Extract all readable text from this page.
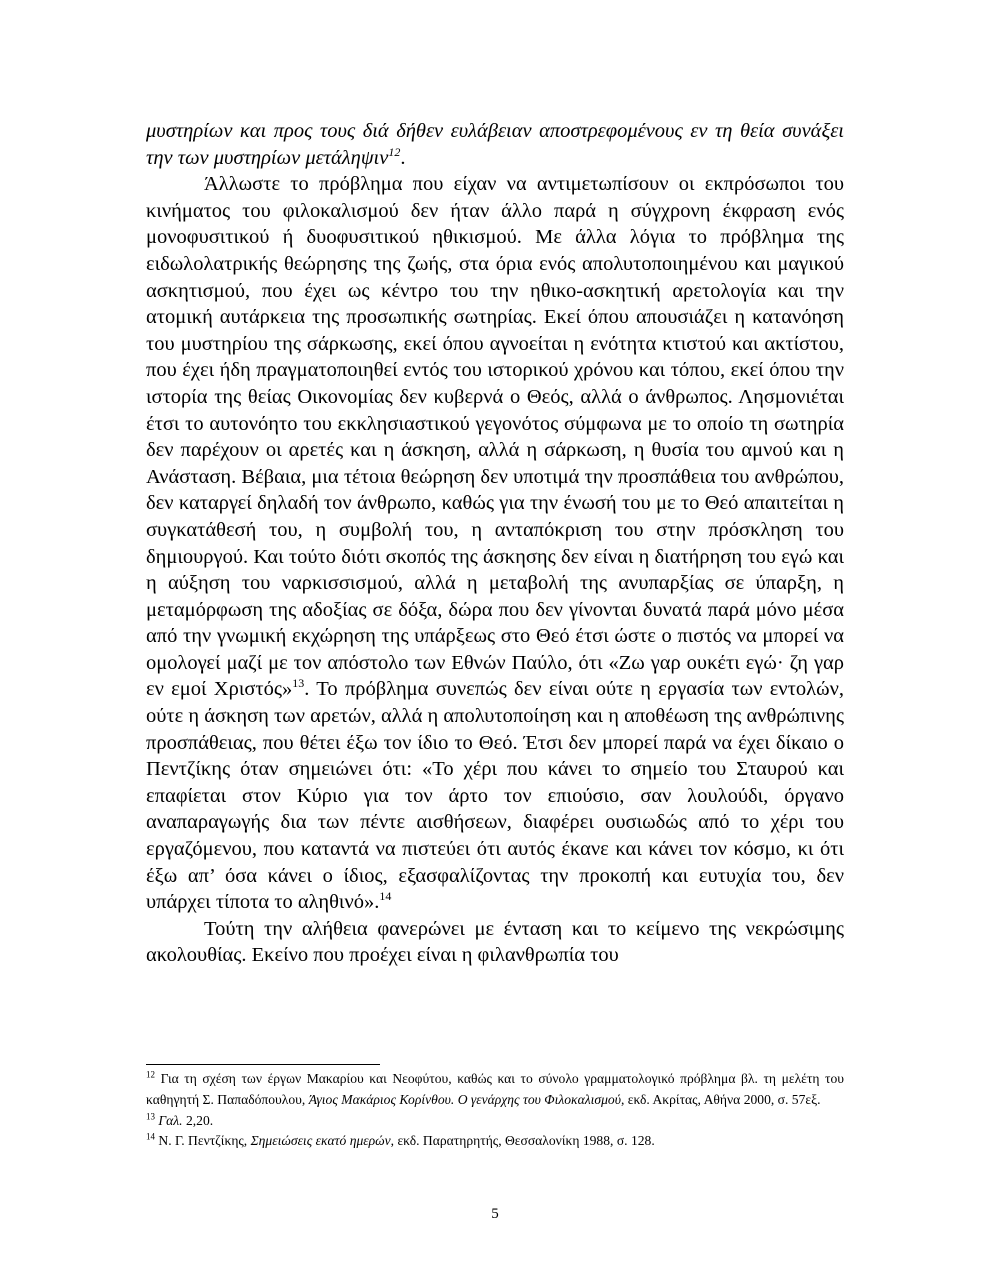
μυστηρίων και προς τους διά δήθεν ευλάβειαν αποστρεφομένους εν τη θεία συνάξει την των μυστηρίων μετάληψιν$^{12}$.

Άλλωστε το πρόβλημα που είχαν να αντιμετωπίσουν οι εκπρόσωποι του κινήματος του φιλοκαλισμού δεν ήταν άλλο παρά η σύγχρονη έκφραση ενός μονοφυσιτικού ή δυοφυσιτικού ηθικισμού. Με άλλα λόγια το πρόβλημα της ειδωλολατρικής θεώρησης της ζωής, στα όρια ενός απολυτοποιημένου και μαγικού ασκητισμού, που έχει ως κέντρο του την ηθικο-ασκητική αρετολογία και την ατομική αυτάρκεια της προσωπικής σωτηρίας. Εκεί όπου απουσιάζει η κατανόηση του μυστηρίου της σάρκωσης, εκεί όπου αγνοείται η ενότητα κτιστού και ακτίστου, που έχει ήδη πραγματοποιηθεί εντός του ιστορικού χρόνου και τόπου, εκεί όπου την ιστορία της θείας Οικονομίας δεν κυβερνά ο Θεός, αλλά ο άνθρωπος. Λησμονιέται έτσι το αυτονόητο του εκκλησιαστικού γεγονότος σύμφωνα με το οποίο τη σωτηρία δεν παρέχουν οι αρετές και η άσκηση, αλλά η σάρκωση, η θυσία του αμνού και η Ανάσταση. Βέβαια, μια τέτοια θεώρηση δεν υποτιμά την προσπάθεια του ανθρώπου, δεν καταργεί δηλαδή τον άνθρωπο, καθώς για την ένωσή του με το Θεό απαιτείται η συγκατάθεσή του, η συμβολή του, η ανταπόκριση του στην πρόσκληση του δημιουργού. Και τούτο διότι σκοπός της άσκησης δεν είναι η διατήρηση του εγώ και η αύξηση του ναρκισσισμού, αλλά η μεταβολή της ανυπαρξίας σε ύπαρξη, η μεταμόρφωση της αδοξίας σε δόξα, δώρα που δεν γίνονται δυνατά παρά μόνο μέσα από την γνωμική εκχώρηση της υπάρξεως στο Θεό έτσι ώστε ο πιστός να μπορεί να ομολογεί μαζί με τον απόστολο των Εθνών Παύλο, ότι «Ζω γαρ ουκέτι εγώ· ζη γαρ εν εμοί Χριστός»$^{13}$. Το πρόβλημα συνεπώς δεν είναι ούτε η εργασία των εντολών, ούτε η άσκηση των αρετών, αλλά η απολυτοποίηση και η αποθέωση της ανθρώπινης προσπάθειας, που θέτει έξω τον ίδιο το Θεό. Έτσι δεν μπορεί παρά να έχει δίκαιο ο Πεντζίκης όταν σημειώνει ότι: «Το χέρι που κάνει το σημείο του Σταυρού και επαφίεται στον Κύριο για τον άρτο τον επιούσιο, σαν λουλούδι, όργανο αναπαραγωγής δια των πέντε αισθήσεων, διαφέρει ουσιωδώς από το χέρι του εργαζόμενου, που καταντά να πιστεύει ότι αυτός έκανε και κάνει τον κόσμο, κι ότι έξω απ’ όσα κάνει ο ίδιος, εξασφαλίζοντας την προκοπή και ευτυχία του, δεν υπάρχει τίποτα το αληθινό».$^{14}$

Τούτη την αλήθεια φανερώνει με ένταση και το κείμενο της νεκρώσιμης ακολουθίας. Εκείνο που προέχει είναι η φιλανθρωπία του

$^{12}$ Για τη σχέση των έργων Μακαρίου και Νεοφύτου, καθώς και το σύνολο γραμματολογικό πρόβλημα βλ. τη μελέτη του καθηγητή Σ. Παπαδόπουλου, Άγιος Μακάριος Κορίνθου. Ο γενάρχης του Φιλοκαλισμού, εκδ. Ακρίτας, Αθήνα 2000, σ. 57εξ.

$^{13}$ Γαλ. 2,20.

$^{14}$ Ν. Γ. Πεντζίκης, Σημειώσεις εκατό ημερών, εκδ. Παρατηρητής, Θεσσαλονίκη 1988, σ. 128.

5
